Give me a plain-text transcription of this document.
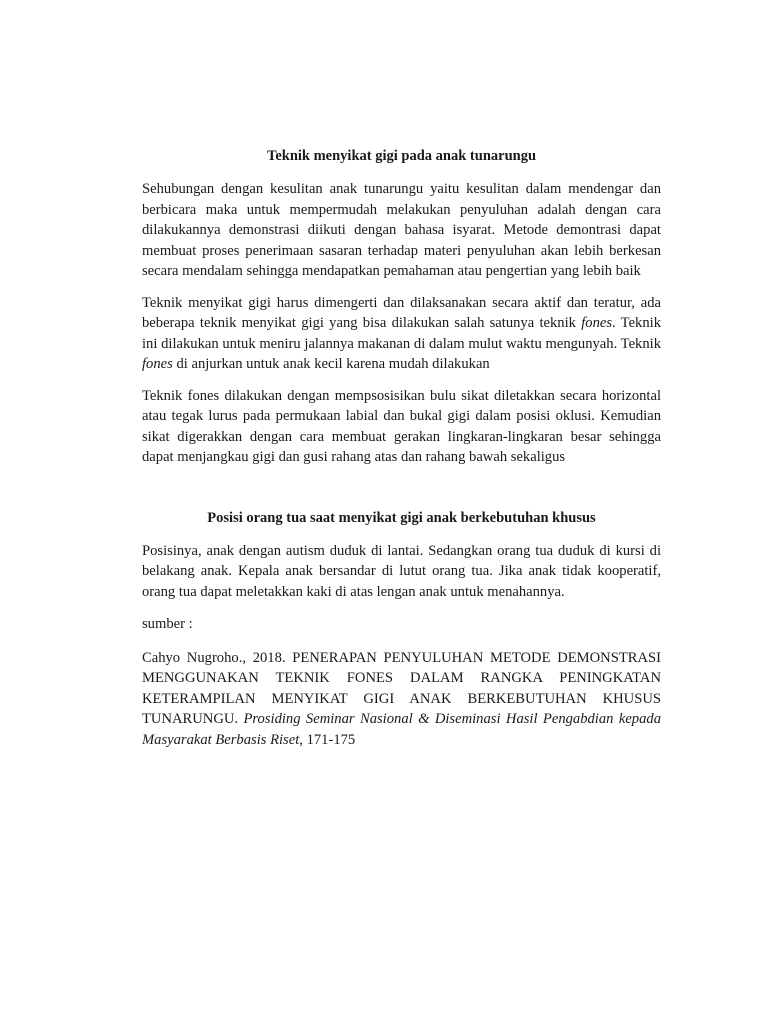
Teknik menyikat gigi pada anak tunarungu

Sehubungan dengan kesulitan anak tunarungu yaitu kesulitan dalam mendengar dan berbicara maka untuk mempermudah melakukan penyuluhan adalah dengan cara dilakukannya demonstrasi diikuti dengan bahasa isyarat. Metode demontrasi dapat membuat proses penerimaan sasaran terhadap materi penyuluhan akan lebih berkesan secara mendalam sehingga mendapatkan pemahaman atau pengertian yang lebih baik

Teknik menyikat gigi harus dimengerti dan dilaksanakan secara aktif dan teratur, ada beberapa teknik menyikat gigi yang bisa dilakukan salah satunya teknik fones. Teknik ini dilakukan untuk meniru jalannya makanan di dalam mulut waktu mengunyah. Teknik fones di anjurkan untuk anak kecil karena mudah dilakukan

Teknik fones dilakukan dengan mempsosisikan bulu sikat diletakkan secara horizontal atau tegak lurus pada permukaan labial dan bukal gigi dalam posisi oklusi. Kemudian sikat digerakkan dengan cara membuat gerakan lingkaran-lingkaran besar sehingga dapat menjangkau gigi dan gusi rahang atas dan rahang bawah sekaligus

Posisi orang tua saat menyikat gigi anak berkebutuhan khusus

Posisinya, anak dengan autism duduk di lantai. Sedangkan orang tua duduk di kursi di belakang anak. Kepala anak bersandar di lutut orang tua. Jika anak tidak kooperatif, orang tua dapat meletakkan kaki di atas lengan anak untuk menahannya.

sumber :

Cahyo Nugroho., 2018. PENERAPAN PENYULUHAN METODE DEMONSTRASI MENGGUNAKAN TEKNIK FONES DALAM RANGKA PENINGKATAN KETERAMPILAN MENYIKAT GIGI ANAK BERKEBUTUHAN KHUSUS TUNARUNGU. Prosiding Seminar Nasional & Diseminasi Hasil Pengabdian kepada Masyarakat Berbasis Riset, 171-175
